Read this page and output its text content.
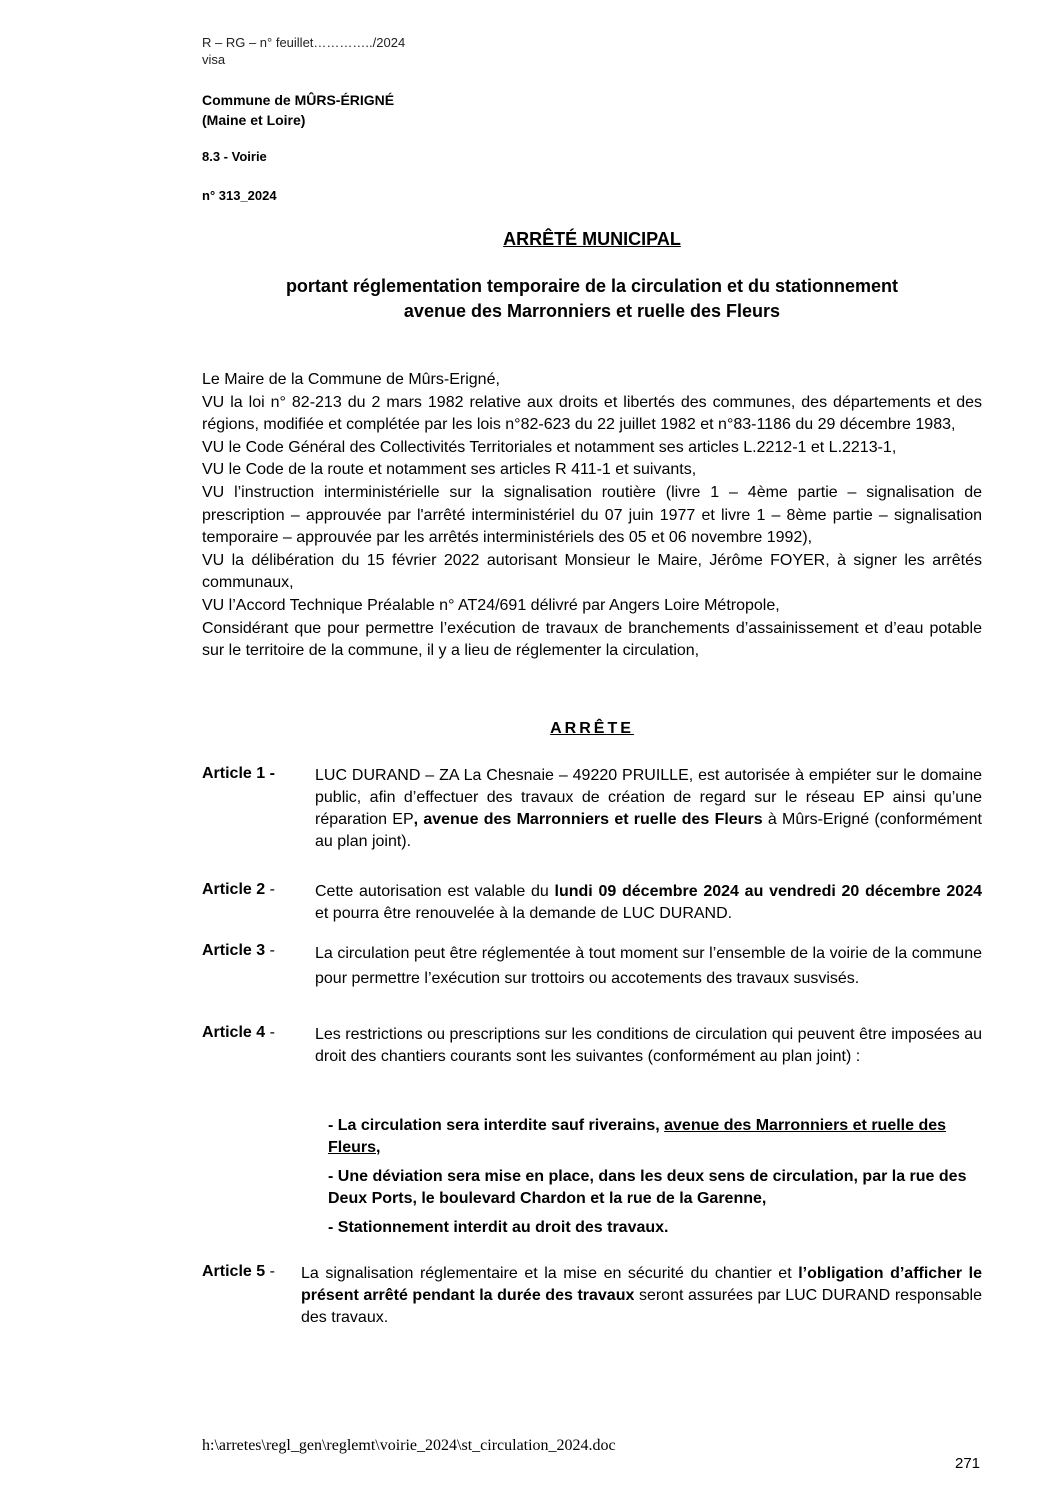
R – RG – n° feuillet…………../2024
visa
Commune de MÛRS-ÉRIGNÉ
(Maine et Loire)
8.3 - Voirie
n° 313_2024
ARRÊTÉ MUNICIPAL
portant réglementation temporaire de la circulation et du stationnement
avenue des Marronniers et ruelle des Fleurs

Le Maire de la Commune de Mûrs-Erigné,

VU la loi n° 82-213 du 2 mars 1982 relative aux droits et libertés des communes, des départements et des régions, modifiée et complétée par les lois n°82-623 du 22 juillet 1982 et n°83-1186 du 29 décembre 1983,

VU le Code Général des Collectivités Territoriales et notamment ses articles L.2212-1 et L.2213-1,

VU le Code de la route et notamment ses articles R 411-1 et suivants,

VU l’instruction interministérielle sur la signalisation routière (livre 1 – 4ème partie – signalisation de prescription – approuvée par l'arrêté interministériel du 07 juin 1977 et livre 1 – 8ème partie – signalisation temporaire – approuvée par les arrêtés interministériels des 05 et 06 novembre 1992),

VU la délibération du 15 février 2022 autorisant Monsieur le Maire, Jérôme FOYER, à signer les arrêtés communaux,

VU l’Accord Technique Préalable n° AT24/691 délivré par Angers Loire Métropole,

Considérant que pour permettre l’exécution de travaux de branchements d’assainissement et d’eau potable sur le territoire de la commune, il y a lieu de réglementer la circulation,

ARRÊTE
Article 1 -	LUC DURAND – ZA La Chesnaie – 49220 PRUILLE, est autorisée à empiéter sur le domaine public, afin d’effectuer des travaux de création de regard sur le réseau EP ainsi qu’une réparation EP, avenue des Marronniers et ruelle des Fleurs à Mûrs-Erigné (conformément au plan joint).
Article 2 -	Cette autorisation est valable du lundi 09 décembre 2024 au vendredi 20 décembre 2024 et pourra être renouvelée à la demande de LUC DURAND.
Article 3 -	La circulation peut être réglementée à tout moment sur l’ensemble de la voirie de la commune pour permettre l’exécution sur trottoirs ou accotements des travaux susvisés.
Article 4 -	Les restrictions ou prescriptions sur les conditions de circulation qui peuvent être imposées au droit des chantiers courants sont les suivantes (conformément au plan joint) :
- La circulation sera interdite sauf riverains, avenue des Marronniers et ruelle des Fleurs,
- Une déviation sera mise en place, dans les deux sens de circulation, par la rue des Deux Ports, le boulevard Chardon et la rue de la Garenne,
- Stationnement interdit au droit des travaux.
Article 5 - La signalisation réglementaire et la mise en sécurité du chantier et l’obligation d’afficher le présent arrêté pendant la durée des travaux seront assurées par LUC DURAND responsable des travaux.
h:\arretes\regl_gen\reglemt\voirie_2024\st_circulation_2024.doc
271
